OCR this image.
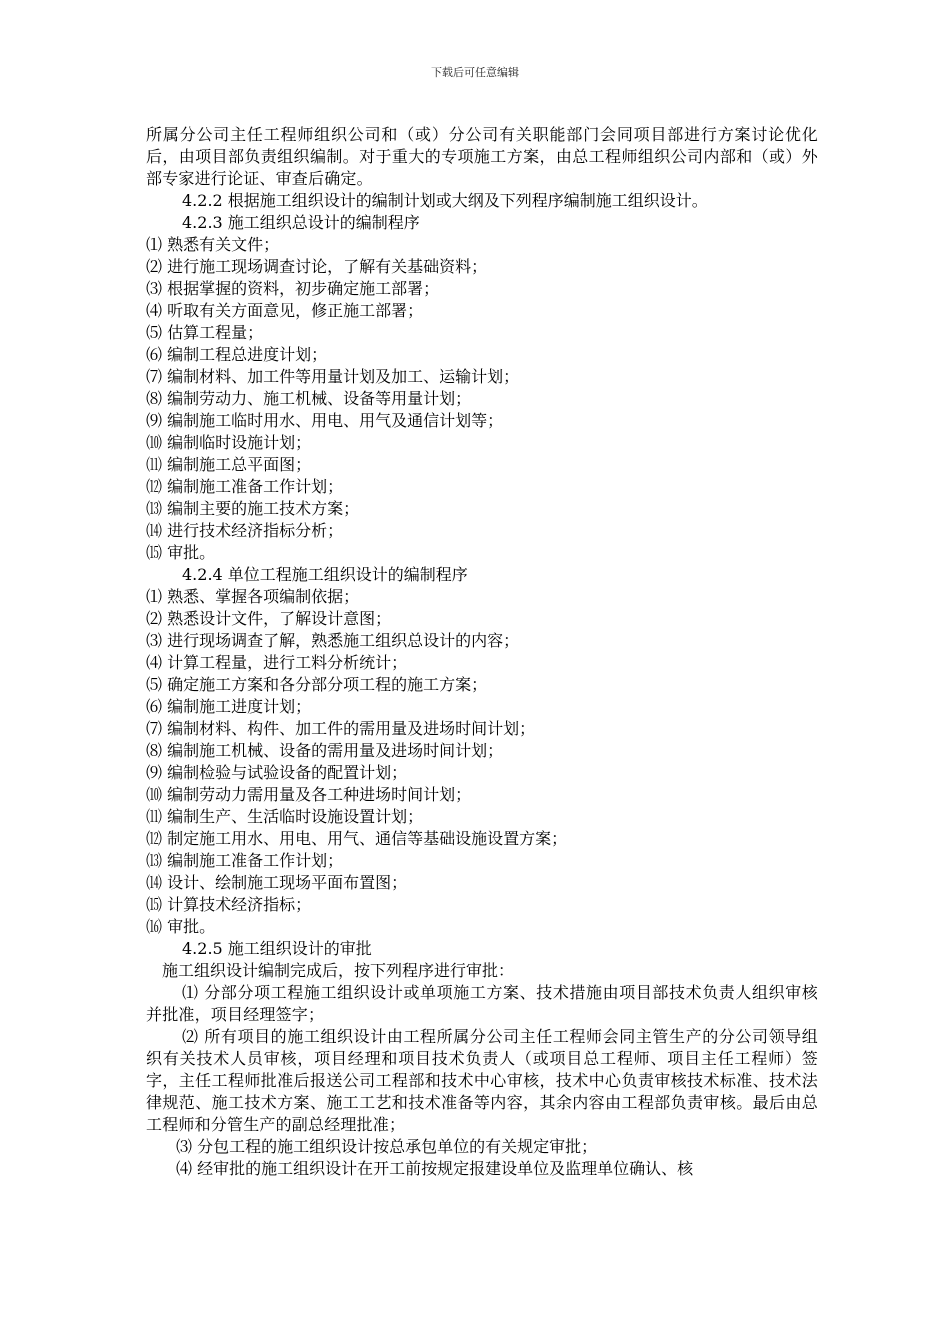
下载后可任意编辑

所属分公司主任工程师组织公司和（或）分公司有关职能部门会同项目部进行方案讨论优化后，由项目部负责组织编制。对于重大的专项施工方案，由总工程师组织公司内部和（或）外部专家进行论证、审查后确定。

4.2.2 根据施工组织设计的编制计划或大纲及下列程序编制施工组织设计。

4.2.3 施工组织总设计的编制程序

⑴ 熟悉有关文件；

⑵ 进行施工现场调查讨论，了解有关基础资料；

⑶ 根据掌握的资料，初步确定施工部署；

⑷ 听取有关方面意见，修正施工部署；

⑸ 估算工程量；

⑹ 编制工程总进度计划；

⑺ 编制材料、加工件等用量计划及加工、运输计划；

⑻ 编制劳动力、施工机械、设备等用量计划；

⑼ 编制施工临时用水、用电、用气及通信计划等；

⑽ 编制临时设施计划；

⑾ 编制施工总平面图；

⑿ 编制施工准备工作计划；

⒀ 编制主要的施工技术方案；

⒁ 进行技术经济指标分析；

⒂ 审批。

4.2.4 单位工程施工组织设计的编制程序

⑴ 熟悉、掌握各项编制依据；

⑵ 熟悉设计文件，了解设计意图；

⑶ 进行现场调查了解，熟悉施工组织总设计的内容；

⑷ 计算工程量，进行工料分析统计；

⑸ 确定施工方案和各分部分项工程的施工方案；

⑹ 编制施工进度计划；

⑺ 编制材料、构件、加工件的需用量及进场时间计划；

⑻ 编制施工机械、设备的需用量及进场时间计划；

⑼ 编制检验与试验设备的配置计划；

⑽ 编制劳动力需用量及各工种进场时间计划；

⑾ 编制生产、生活临时设施设置计划；

⑿ 制定施工用水、用电、用气、通信等基础设施设置方案；

⒀ 编制施工准备工作计划；

⒁ 设计、绘制施工现场平面布置图；

⒂ 计算技术经济指标；

⒃ 审批。

4.2.5 施工组织设计的审批

施工组织设计编制完成后，按下列程序进行审批：

⑴ 分部分项工程施工组织设计或单项施工方案、技术措施由项目部技术负责人组织审核并批准，项目经理签字；

⑵ 所有项目的施工组织设计由工程所属分公司主任工程师会同主管生产的分公司领导组织有关技术人员审核，项目经理和项目技术负责人（或项目总工程师、项目主任工程师）签字，主任工程师批准后报送公司工程部和技术中心审核，技术中心负责审核技术标准、技术法律规范、施工技术方案、施工工艺和技术准备等内容，其余内容由工程部负责审核。最后由总工程师和分管生产的副总经理批准；

⑶ 分包工程的施工组织设计按总承包单位的有关规定审批；

⑷ 经审批的施工组织设计在开工前按规定报建设单位及监理单位确认、核
